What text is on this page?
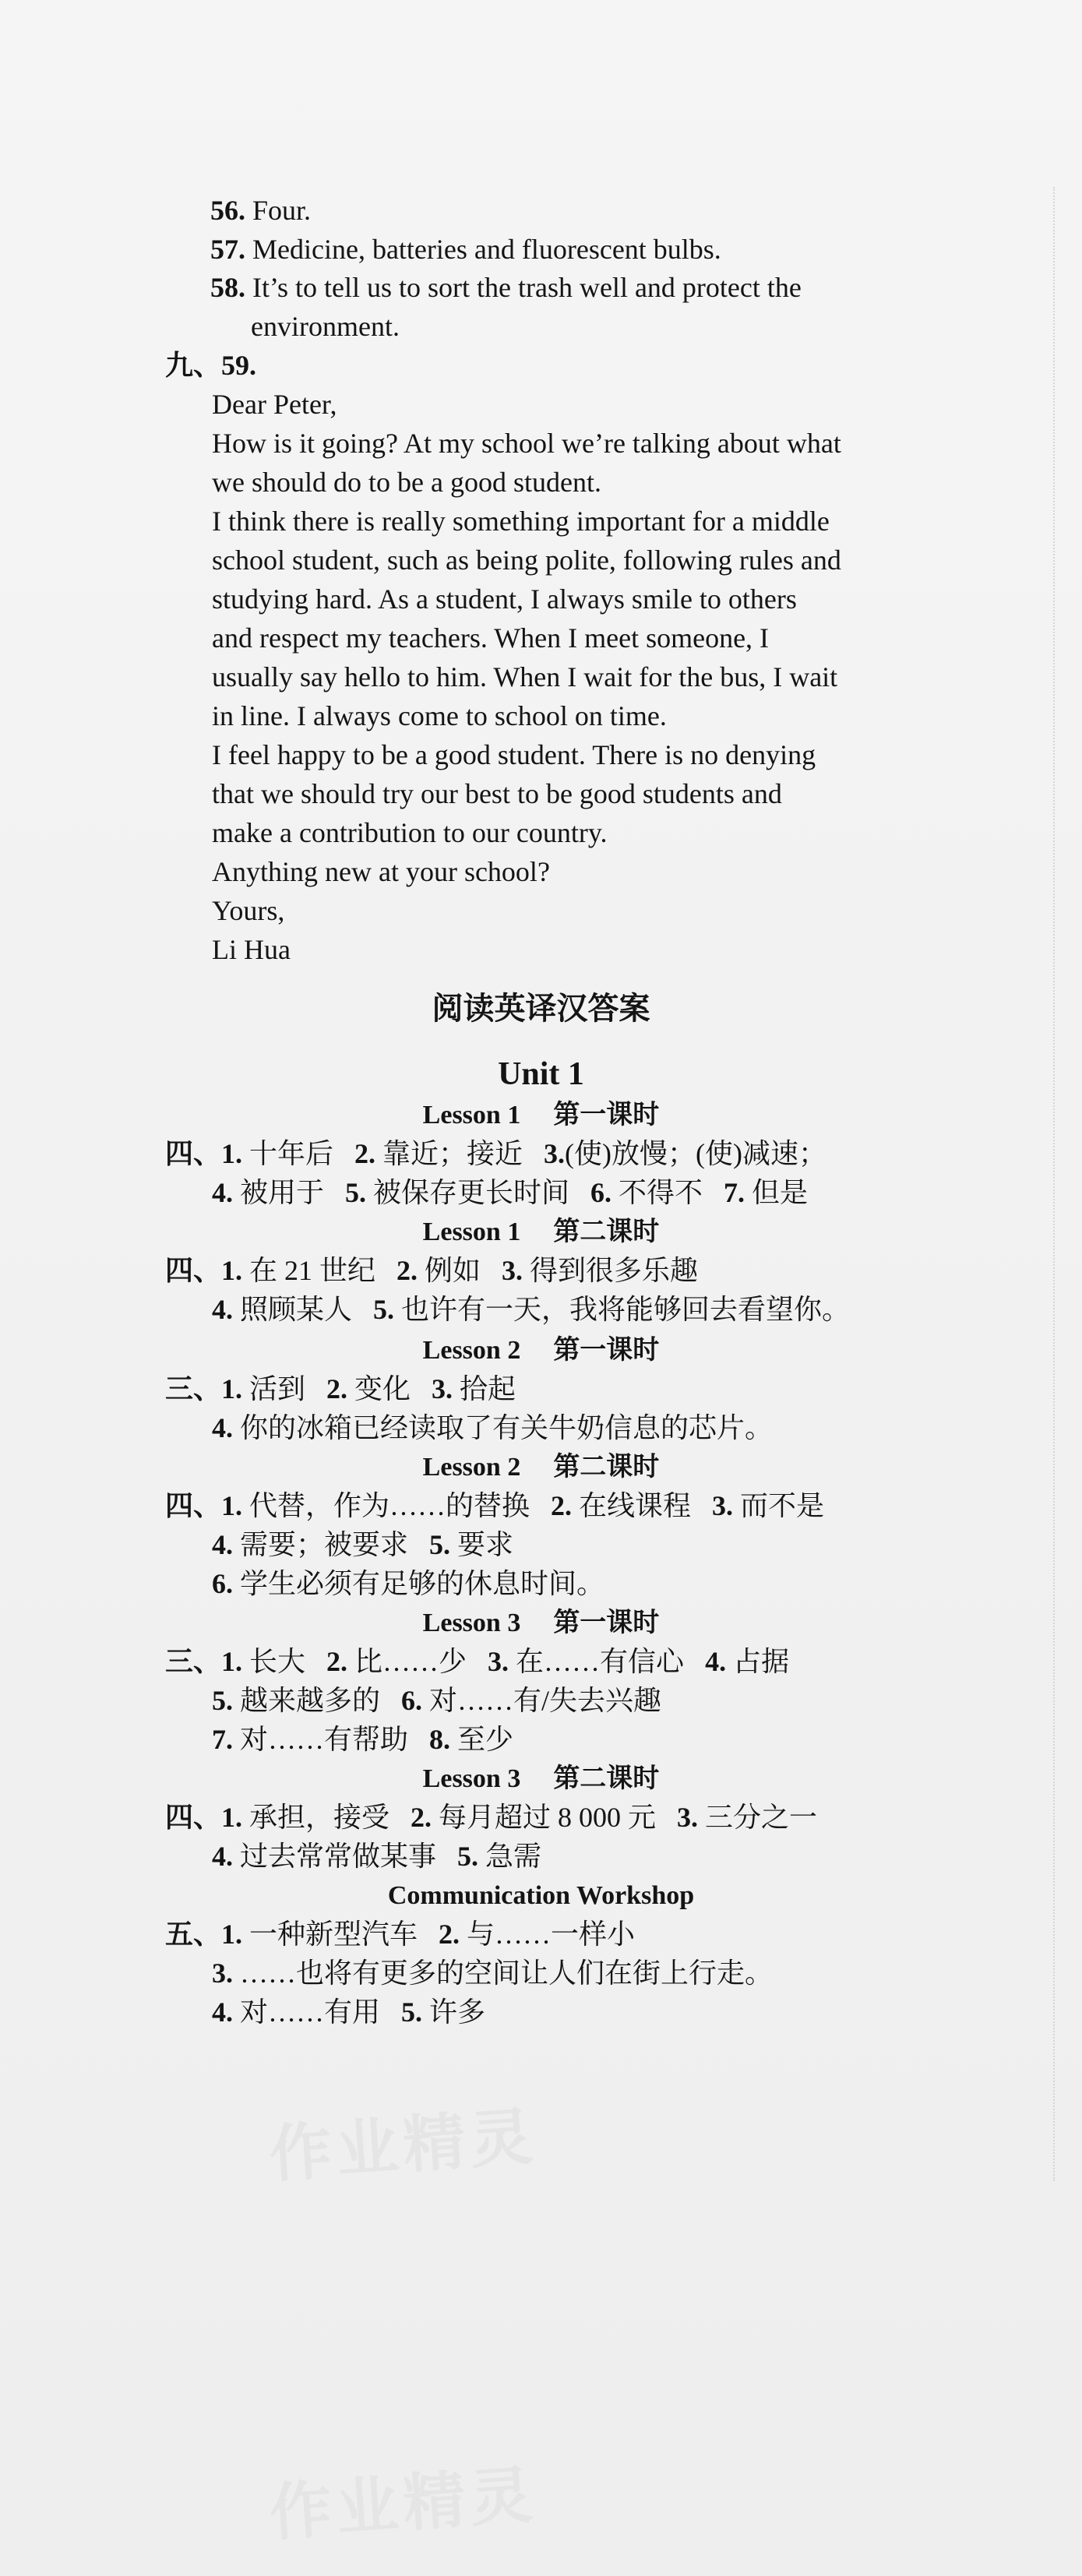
56. Four.
57. Medicine, batteries and fluorescent bulbs.
58. It’s to tell us to sort the trash well and protect the
environment.
九、59.
Dear Peter,
How is it going? At my school we’re talking about what
we should do to be a good student.
I think there is really something important for a middle
school student, such as being polite, following rules and
studying hard. As a student, I always smile to others
and respect my teachers. When I meet someone, I
usually say hello to him. When I wait for the bus, I wait
in line. I always come to school on time.
I feel happy to be a good student. There is no denying
that we should try our best to be good students and
make a contribution to our country.
Anything new at your school?
Yours,
Li Hua
阅读英译汉答案
Unit 1
Lesson 1 第一课时
四、1. 十年后 2. 靠近；接近 3.(使)放慢；(使)减速；
4. 被用于 5. 被保存更长时间 6. 不得不 7. 但是
Lesson 1 第二课时
四、1. 在 21 世纪 2. 例如 3. 得到很多乐趣
4. 照顾某人 5. 也许有一天，我将能够回去看望你。
Lesson 2 第一课时
三、1. 活到 2. 变化 3. 拾起
4. 你的冰箱已经读取了有关牛奶信息的芯片。
Lesson 2 第二课时
四、1. 代替，作为……的替换 2. 在线课程 3. 而不是
4. 需要；被要求 5. 要求
6. 学生必须有足够的休息时间。
Lesson 3 第一课时
三、1. 长大 2. 比……少 3. 在……有信心 4. 占据
5. 越来越多的 6. 对……有/失去兴趣
7. 对……有帮助 8. 至少
Lesson 3 第二课时
四、1. 承担，接受 2. 每月超过 8 000 元 3. 三分之一
4. 过去常常做某事 5. 急需
Communication Workshop
五、1. 一种新型汽车 2. 与……一样小
3. ……也将有更多的空间让人们在街上行走。
4. 对……有用 5. 许多
作业精灵
作业精灵
